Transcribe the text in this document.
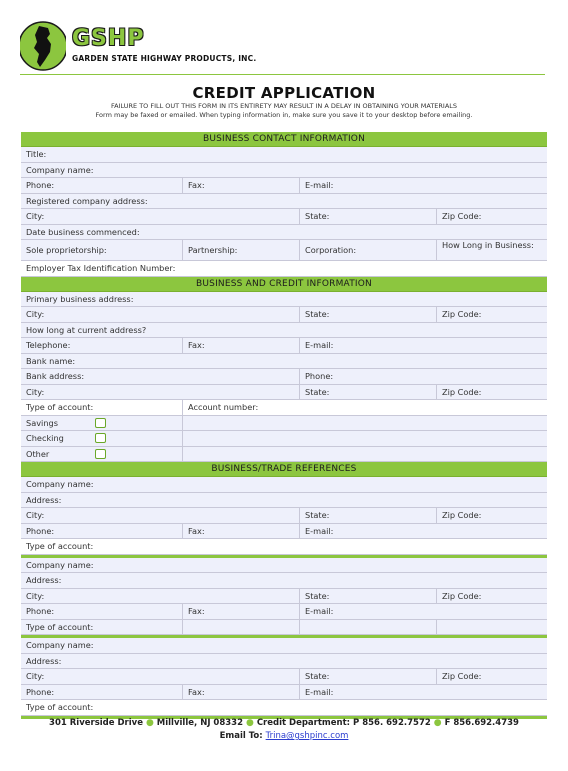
GSHP
GARDEN STATE HIGHWAY PRODUCTS, INC.
CREDIT APPLICATION
FAILURE TO FILL OUT THIS FORM IN ITS ENTIRETY MAY RESULT IN A DELAY IN OBTAINING YOUR MATERIALS
Form may be faxed or emailed. When typing information in, make sure you save it to your desktop before emailing.
BUSINESS CONTACT INFORMATION
Title:
Company name:
Phone:	Fax:	E-mail:
Registered company address:
City:	State:	Zip Code:
Date business commenced:
Sole proprietorship:	Partnership:	Corporation:	How Long in Business:
Employer Tax Identification Number:
BUSINESS AND CREDIT INFORMATION
Primary business address:
City:	State:	Zip Code:
How long at current address?
Telephone:	Fax:	E-mail:
Bank name:
Bank address:	Phone:
City:	State:	Zip Code:
Type of account:	Account number:
Savings
Checking
Other
BUSINESS/TRADE REFERENCES
Company name:
Address:
City:	State:	Zip Code:
Phone:	Fax:	E-mail:
Type of account:
Company name:
Address:
City:	State:	Zip Code:
Phone:	Fax:	E-mail:
Type of account:
Company name:
Address:
City:	State:	Zip Code:
Phone:	Fax:	E-mail:
Type of account:
301 Riverside Drive ● Millville, NJ 08332 ● Credit Department: P 856. 692.7572 ● F 856.692.4739
Email To: Trina@gshpinc.com
